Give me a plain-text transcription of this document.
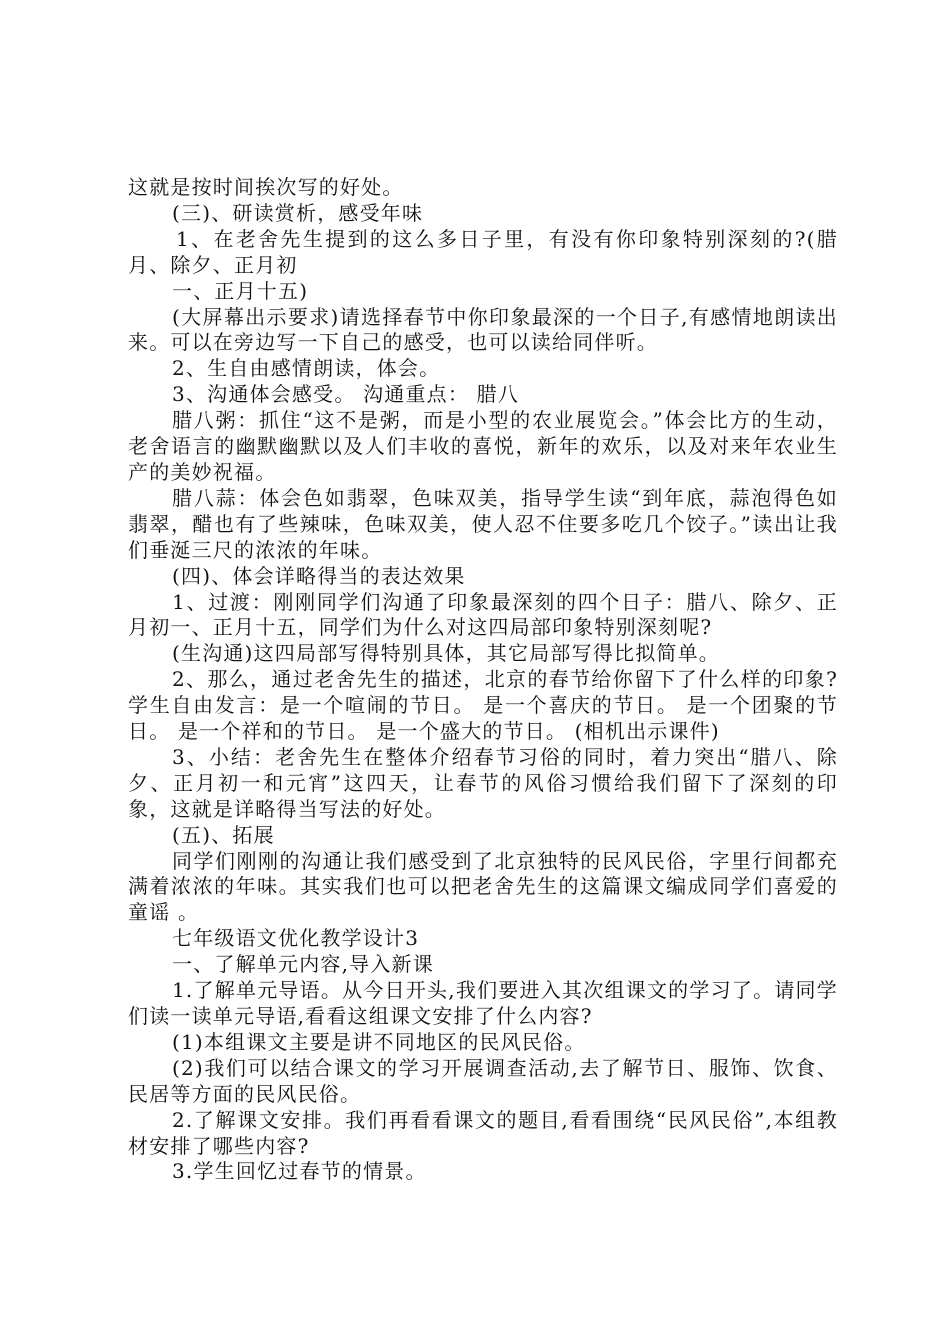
这就是按时间挨次写的好处。

(三)、研读赏析，感受年味

1、在老舍先生提到的这么多日子里，有没有你印象特别深刻的?(腊月、除夕、正月初

一、正月十五)

(大屏幕出示要求)请选择春节中你印象最深的一个日子,有感情地朗读出来。可以在旁边写一下自己的感受，也可以读给同伴听。

2、生自由感情朗读，体会。

3、沟通体会感受。 沟通重点： 腊八

腊八粥：抓住“这不是粥，而是小型的农业展览会。”体会比方的生动，老舍语言的幽默幽默以及人们丰收的喜悦，新年的欢乐，以及对来年农业生产的美妙祝福。

腊八蒜：体会色如翡翠，色味双美，指导学生读“到年底，蒜泡得色如翡翠，醋也有了些辣味，色味双美，使人忍不住要多吃几个饺子。”读出让我们垂涎三尺的浓浓的年味。

(四)、体会详略得当的表达效果

1、过渡：刚刚同学们沟通了印象最深刻的四个日子：腊八、除夕、正月初一、正月十五，同学们为什么对这四局部印象特别深刻呢?

(生沟通)这四局部写得特别具体，其它局部写得比拟简单。

2、那么，通过老舍先生的描述，北京的春节给你留下了什么样的印象? 学生自由发言：是一个喧闹的节日。 是一个喜庆的节日。 是一个团聚的节日。 是一个祥和的节日。 是一个盛大的节日。 (相机出示课件)

3、小结：老舍先生在整体介绍春节习俗的同时，着力突出“腊八、除夕、正月初一和元宵”这四天，让春节的风俗习惯给我们留下了深刻的印象，这就是详略得当写法的好处。

(五)、拓展

同学们刚刚的沟通让我们感受到了北京独特的民风民俗，字里行间都充满着浓浓的年味。其实我们也可以把老舍先生的这篇课文编成同学们喜爱的童谣 。

七年级语文优化教学设计3

一、了解单元内容,导入新课

1.了解单元导语。从今日开头,我们要进入其次组课文的学习了。请同学们读一读单元导语,看看这组课文安排了什么内容?

(1)本组课文主要是讲不同地区的民风民俗。

(2)我们可以结合课文的学习开展调查活动,去了解节日、服饰、饮食、民居等方面的民风民俗。

2.了解课文安排。我们再看看课文的题目,看看围绕“民风民俗”,本组教材安排了哪些内容?

3.学生回忆过春节的情景。
